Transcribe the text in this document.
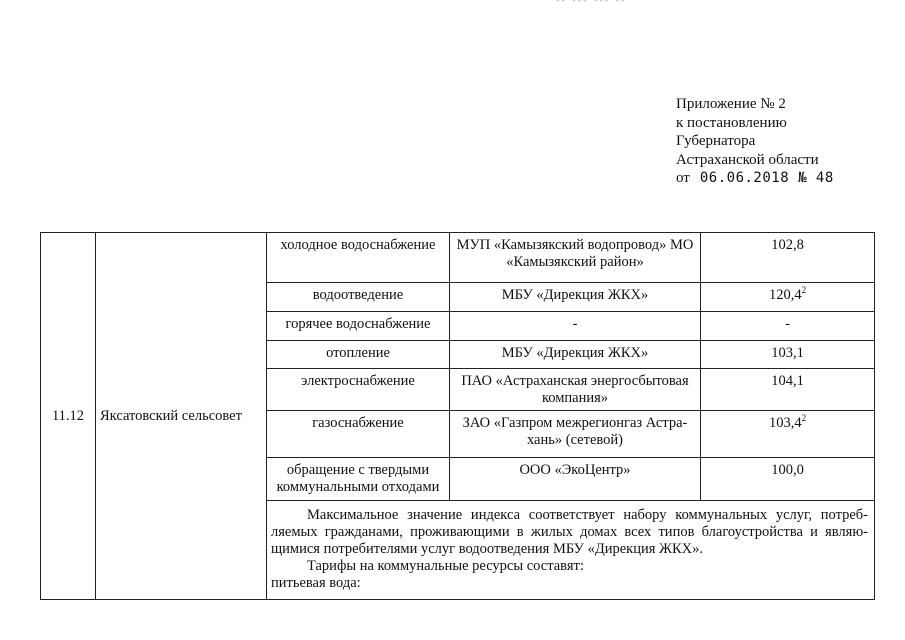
-- --- --- --
Приложение № 2
к постановлению
Губернатора
Астраханской области
от 06.06.2018 № 48
11.12	Яксатовский сельсовет	холодное водоснабжение	МУП «Камызякский водопровод» МО «Камызякский район»	102,8
		водоотведение	МБУ «Дирекция ЖКХ»	120,4$^2$
		горячее водоснабжение	-	-
		отопление	МБУ «Дирекция ЖКХ»	103,1
		электроснабжение	ПАО «Астраханская энергосбытовая компания»	104,1
		газоснабжение	ЗАО «Газпром межрегионгаз Астра-хань» (сетевой)	103,4$^2$
		обращение с твердыми коммунальными отходами	ООО «ЭкоЦентр»	100,0

		Максимальное значение индекса соответствует набору коммунальных услуг, потреб-ляемых гражданами, проживающими в жилых домах всех типов благоустройства и являю-щимися потребителями услуг водоотведения МБУ «Дирекция ЖКХ».

Тарифы на коммунальные ресурсы составят:

питьевая вода:		
